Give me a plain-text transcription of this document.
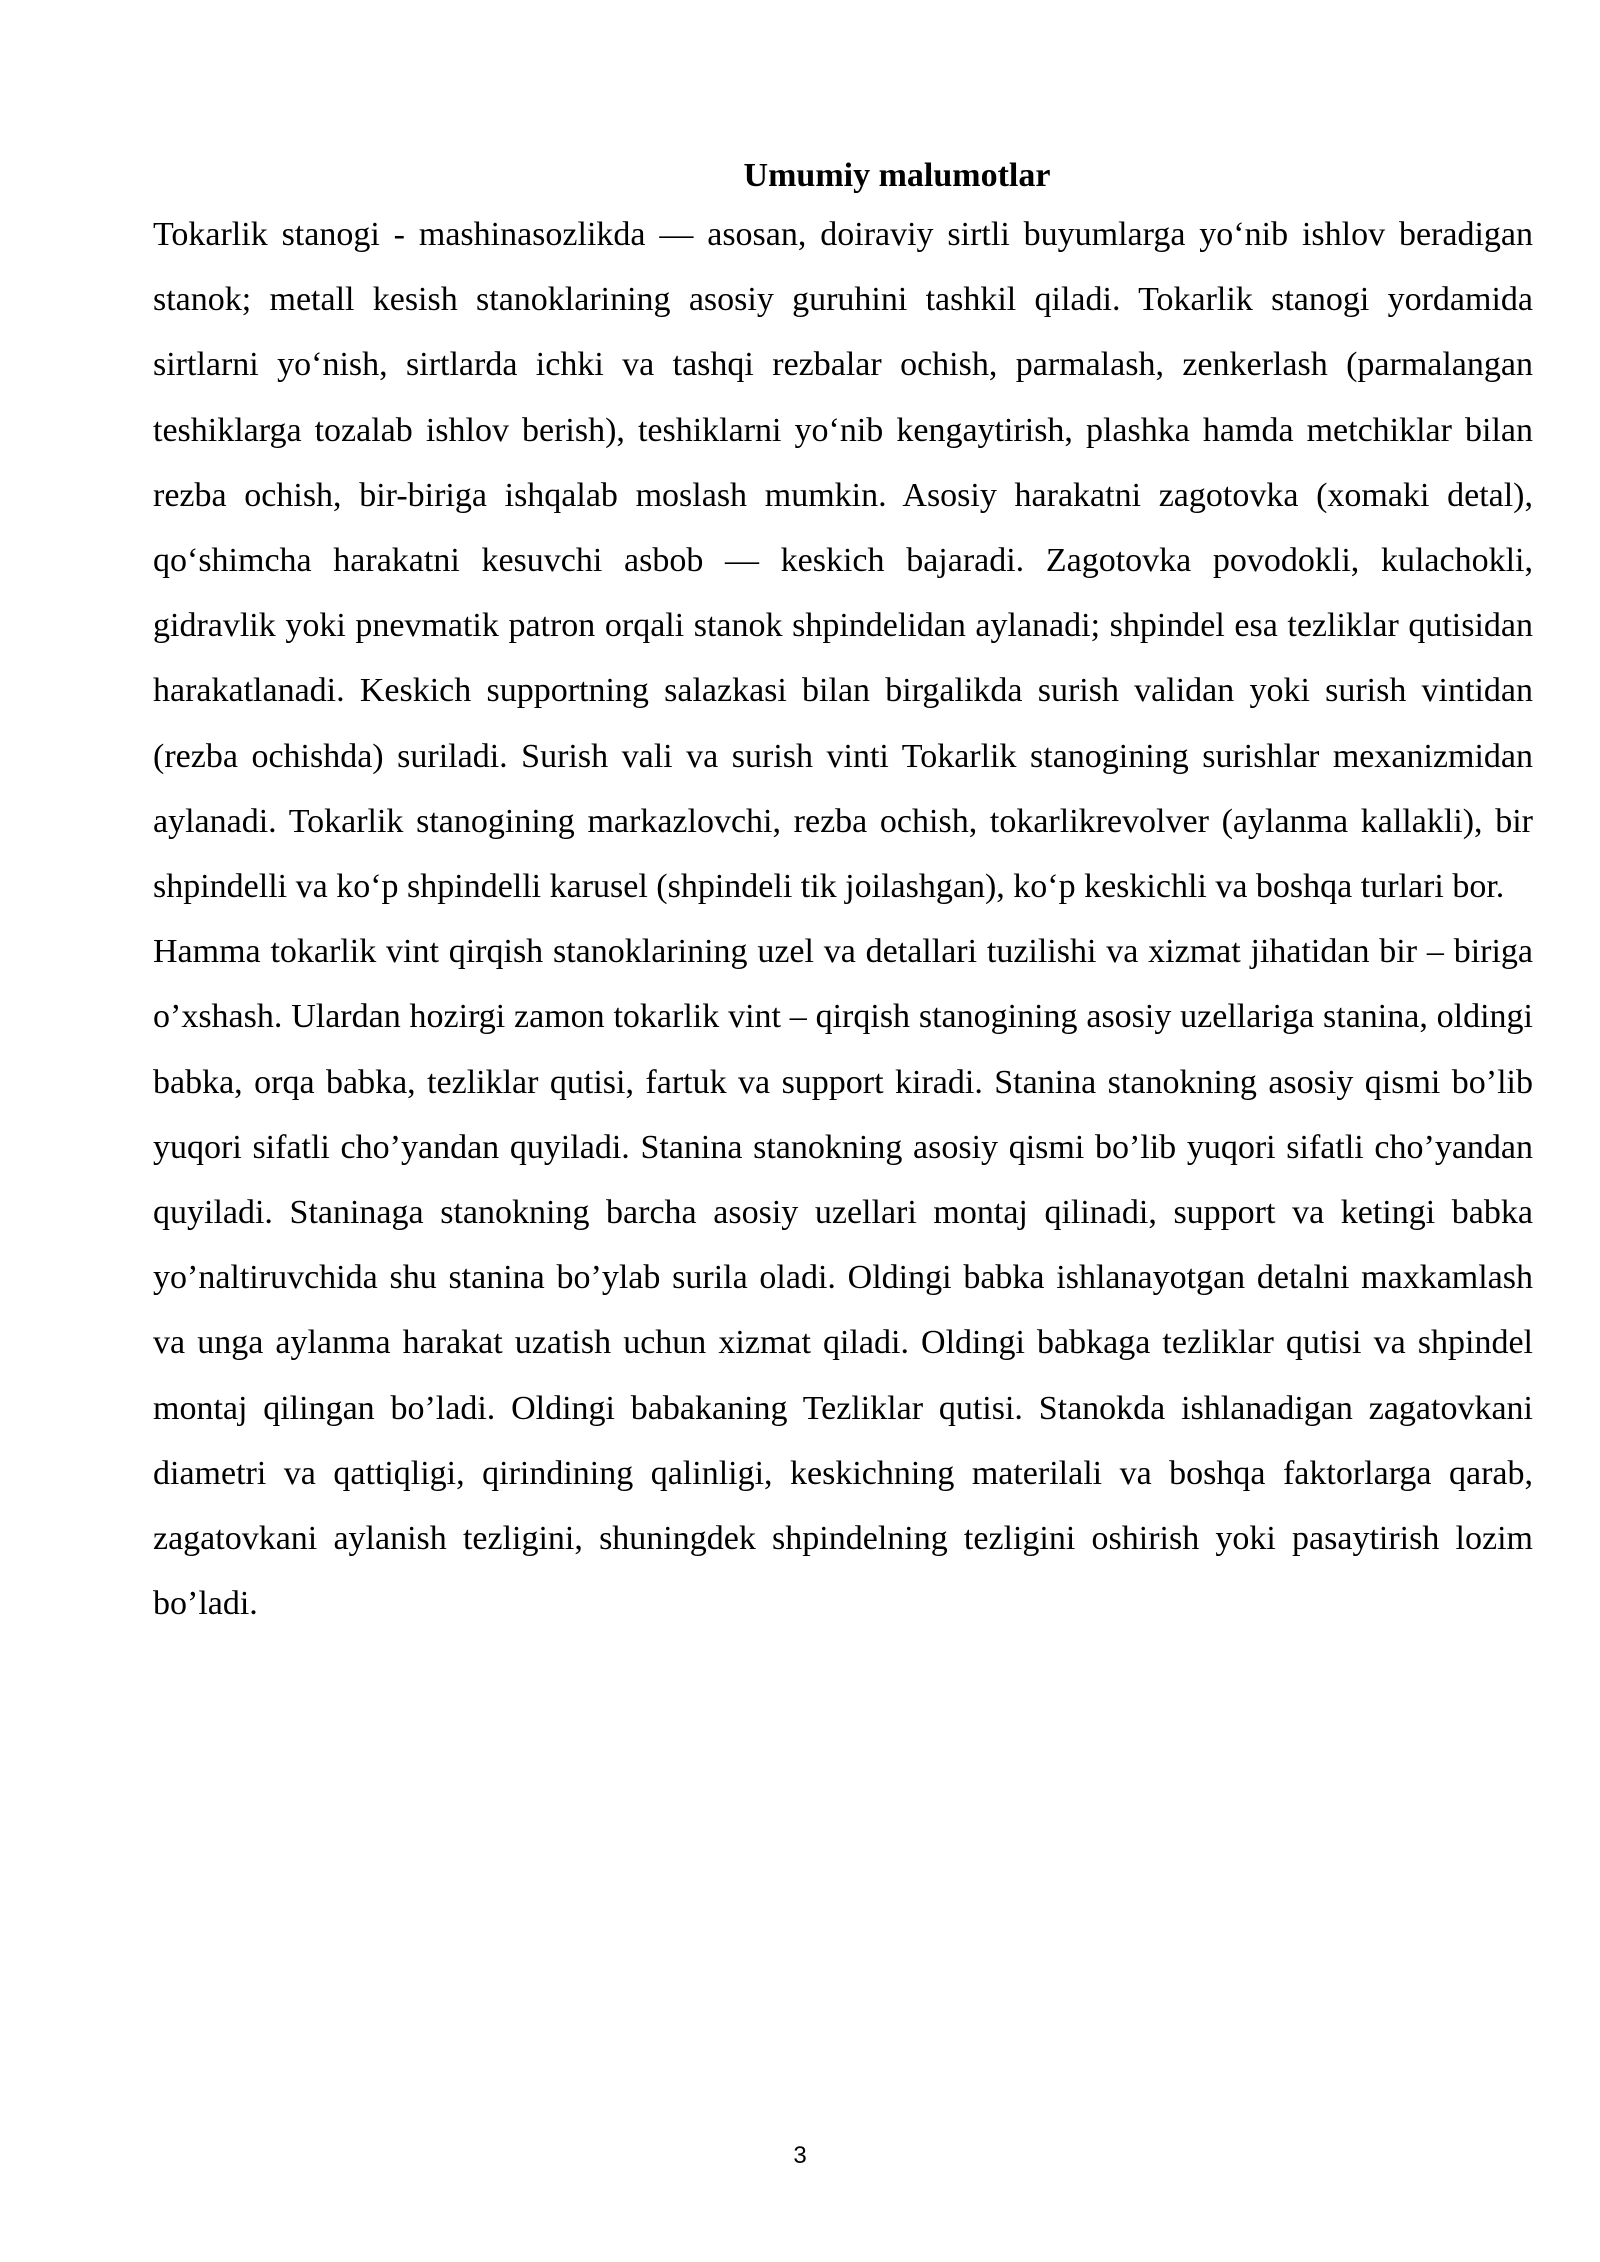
Umumiy malumotlar

Tokarlik stanogi - mashinasozlikda — asosan, doiraviy sirtli buyumlarga yo‘nib ishlov beradigan stanok; metall kesish stanoklarining asosiy guruhini tashkil qiladi. Tokarlik stanogi yordamida sirtlarni yo‘nish, sirtlarda ichki va tashqi rezbalar ochish, parmalash, zenkerlash (parmalangan teshiklarga tozalab ishlov berish), teshiklarni yo‘nib kengaytirish, plashka hamda metchiklar bilan rezba ochish, bir-biriga ishqalab moslash mumkin. Asosiy harakatni zagotovka (xomaki detal), qo‘shimcha harakatni kesuvchi asbob — keskich bajaradi. Zagotovka povodokli, kulachokli, gidravlik yoki pnevmatik patron orqali stanok shpindelidan aylanadi; shpindel esa tezliklar qutisidan harakatlanadi. Keskich supportning salazkasi bilan birgalikda surish validan yoki surish vintidan (rezba ochishda) suriladi. Surish vali va surish vinti Tokarlik stanogining surishlar mexanizmidan aylanadi. Tokarlik stanogining markazlovchi, rezba ochish, tokarlikrevolver (aylanma kallakli), bir shpindelli va ko‘p shpindelli karusel (shpindeli tik joilashgan), ko‘p keskichli va boshqa turlari bor.

Hamma tokarlik vint qirqish stanoklarining uzel va detallari tuzilishi va xizmat jihatidan bir – biriga o’xshash. Ulardan hozirgi zamon tokarlik vint – qirqish stanogining asosiy uzellariga stanina, oldingi babka, orqa babka, tezliklar qutisi, fartuk va support kiradi. Stanina stanokning asosiy qismi bo’lib yuqori sifatli cho’yandan quyiladi. Stanina stanokning asosiy qismi bo’lib yuqori sifatli cho’yandan quyiladi. Staninaga stanokning barcha asosiy uzellari montaj qilinadi, support va ketingi babka yo’naltiruvchida shu stanina bo’ylab surila oladi. Oldingi babka ishlanayotgan detalni maxkamlash va unga aylanma harakat uzatish uchun xizmat qiladi. Oldingi babkaga tezliklar qutisi va shpindel montaj qilingan bo’ladi. Oldingi babakaning Tezliklar qutisi. Stanokda ishlanadigan zagatovkani diametri va qattiqligi, qirindining qalinligi, keskichning materilali va boshqa faktorlarga qarab, zagatovkani aylanish tezligini, shuningdek shpindelning tezligini oshirish yoki pasaytirish lozim bo’ladi.

3
